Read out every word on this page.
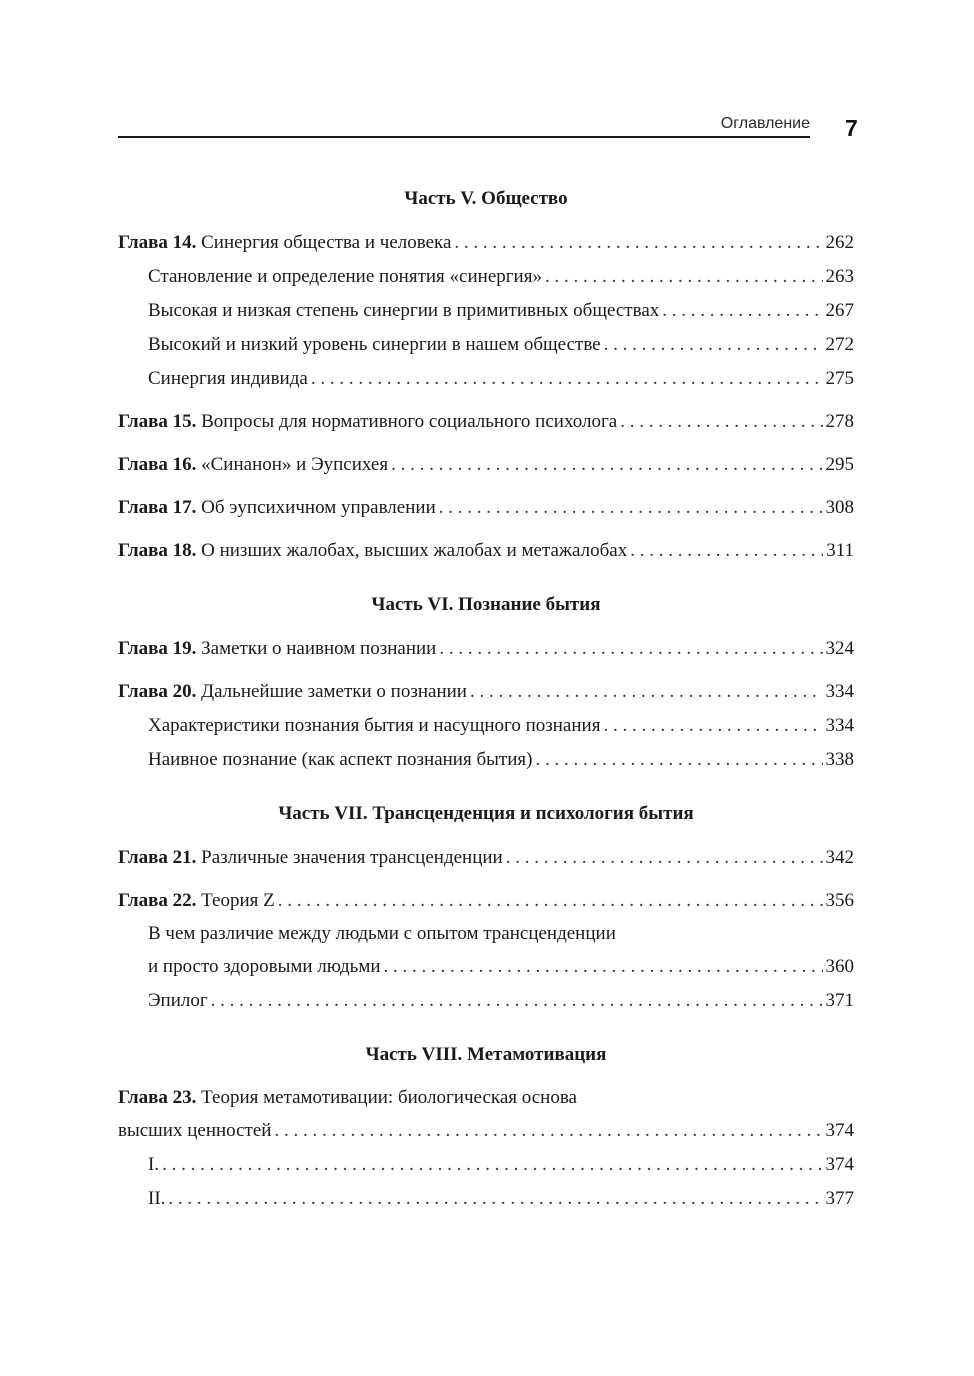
Оглавление 7
Часть V. Общество
Глава 14. Синергия общества и человека . . .	262
Становление и определение понятия «синергия» . . .	263
Высокая и низкая степень синергии в примитивных обществах . . .	267
Высокий и низкий уровень синергии в нашем обществе . . .	272
Синергия индивида . . .	275
Глава 15. Вопросы для нормативного социального психолога . . .	278
Глава 16. «Синанон» и Эупсихея . . .	295
Глава 17. Об эупсихичном управлении . . .	308
Глава 18. О низших жалобах, высших жалобах и метажалобах . . .	311
Часть VI. Познание бытия
Глава 19. Заметки о наивном познании . . .	324
Глава 20. Дальнейшие заметки о познании . . .	334
Характеристики познания бытия и насущного познания . . .	334
Наивное познание (как аспект познания бытия) . . .	338
Часть VII. Трансценденция и психология бытия
Глава 21. Различные значения трансценденции . . .	342
Глава 22. Теория Z . . .	356
В чем различие между людьми с опытом трансценденции
и просто здоровыми людьми . . .	360
Эпилог . . .	371
Часть VIII. Метамотивация
Глава 23. Теория метамотивации: биологическая основа
высших ценностей . . .	374
I. . . .	374
II. . . .	377
